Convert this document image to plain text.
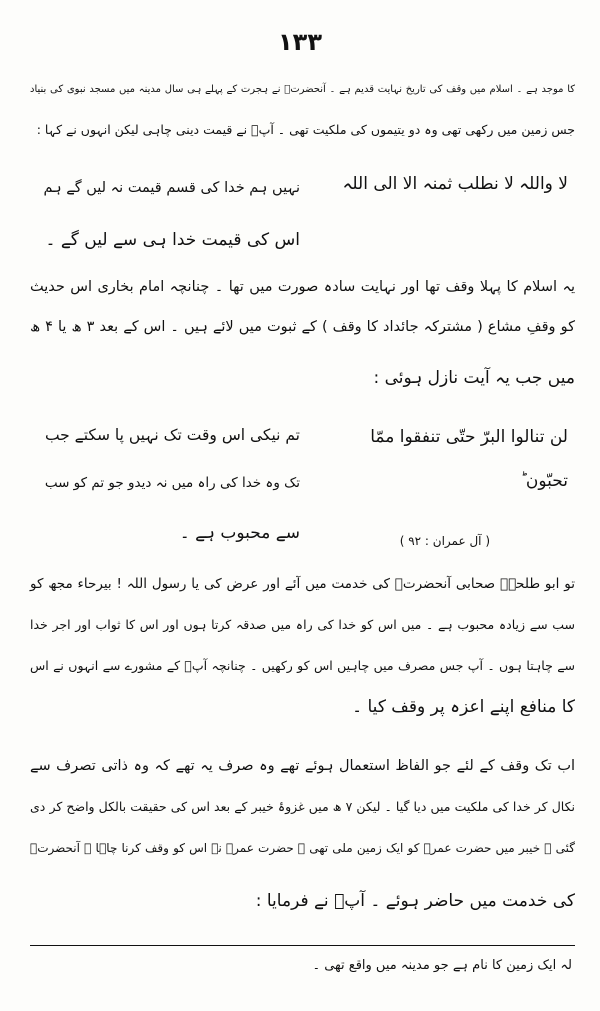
۱۳۳
کا موجد ہے ۔ اسلام میں وقف کی تاریخ نہایت قدیم ہے ۔ آنحضرتؐ نے ہجرت کے پہلے ہی سال مدینہ میں مسجد نبوی کی بنیاد
جس زمین میں رکھی تھی وہ دو یتیموں کی ملکیت تھی ۔ آپؐ نے قیمت دینی چاہی لیکن انہوں نے کہا :
لا واللہ لا نطلب ثمنہ الا الی اللہ
نہیں ہم خدا کی قسم قیمت نہ لیں گے ہم
اس کی قیمت خدا ہی سے لیں گے ۔
یہ اسلام کا پہلا وقف تھا اور نہایت سادہ صورت میں تھا ۔ چنانچہ امام بخاری اس حدیث
کو وقفِ مشاع ( مشترکہ جائداد کا وقف ) کے ثبوت میں لائے ہیں ۔ اس کے بعد ۳ ھ یا ۴ ھ
میں جب یہ آیت نازل ہوئی :
لن تنالوا البرّ حتّی تنفقوا ممّا
تحبّون ؕ
تم نیکی اس وقت تک نہیں پا سکتے جب
تک وہ خدا کی راہ میں نہ دیدو جو تم کو سب
سے محبوب ہے ۔	( آل عمران : ۹۲ )
تو ابو طلحہؓ صحابی آنحضرتؐ کی خدمت میں آئے اور عرض کی یا رسول اللہ ! بیرحاء مجھ کو
سب سے زیادہ محبوب ہے ۔ میں اس کو خدا کی راہ میں صدقہ کرتا ہوں اور اس کا ثواب اور اجر خدا
سے چاہتا ہوں ۔ آپ جس مصرف میں چاہیں اس کو رکھیں ۔ چنانچہ آپؐ کے مشورے سے انہوں نے اس
کا منافع اپنے اعزہ پر وقف کیا ۔
اب تک وقف کے لئے جو الفاظ استعمال ہوئے تھے وہ صرف یہ تھے کہ وہ ذاتی تصرف سے
نکال کر خدا کی ملکیت میں دیا گیا ۔ لیکن ۷ ھ میں غزوۂ خیبر کے بعد اس کی حقیقت بالکل واضح کر دی
گئی ۔ خیبر میں حضرت عمرؓ کو ایک زمین ملی تھی ۔ حضرت عمرؓ نے اس کو وقف کرنا چاہا ۔ آنحضرتؐ
کی خدمت میں حاضر ہوئے ۔ آپؐ نے فرمایا :
لہ ایک زمین کا نام ہے جو مدینہ میں واقع تھی ۔
